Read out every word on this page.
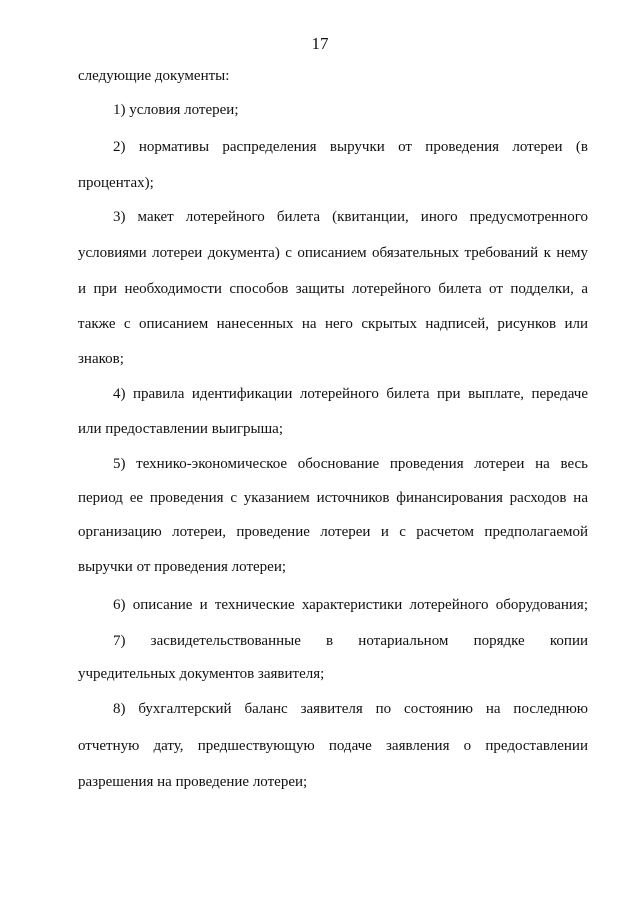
17
следующие документы:
1) условия лотереи;
2) нормативы распределения выручки от проведения лотереи (в
процентах);
3) макет лотерейного билета (квитанции, иного предусмотренного
условиями лотереи документа) с описанием обязательных требований к нему
и при необходимости способов защиты лотерейного билета от подделки, а
также с описанием нанесенных на него скрытых надписей, рисунков или
знаков;
4) правила идентификации лотерейного билета при выплате, передаче
или предоставлении выигрыша;
5) технико-экономическое обоснование проведения лотереи на весь
период ее проведения с указанием источников финансирования расходов на
организацию лотереи, проведение лотереи и с расчетом предполагаемой
выручки от проведения лотереи;
6) описание и технические характеристики лотерейного оборудования;
7) засвидетельствованные в нотариальном порядке копии
учредительных документов заявителя;
8) бухгалтерский баланс заявителя по состоянию на последнюю
отчетную дату, предшествующую подаче заявления о предоставлении
разрешения на проведение лотереи;
